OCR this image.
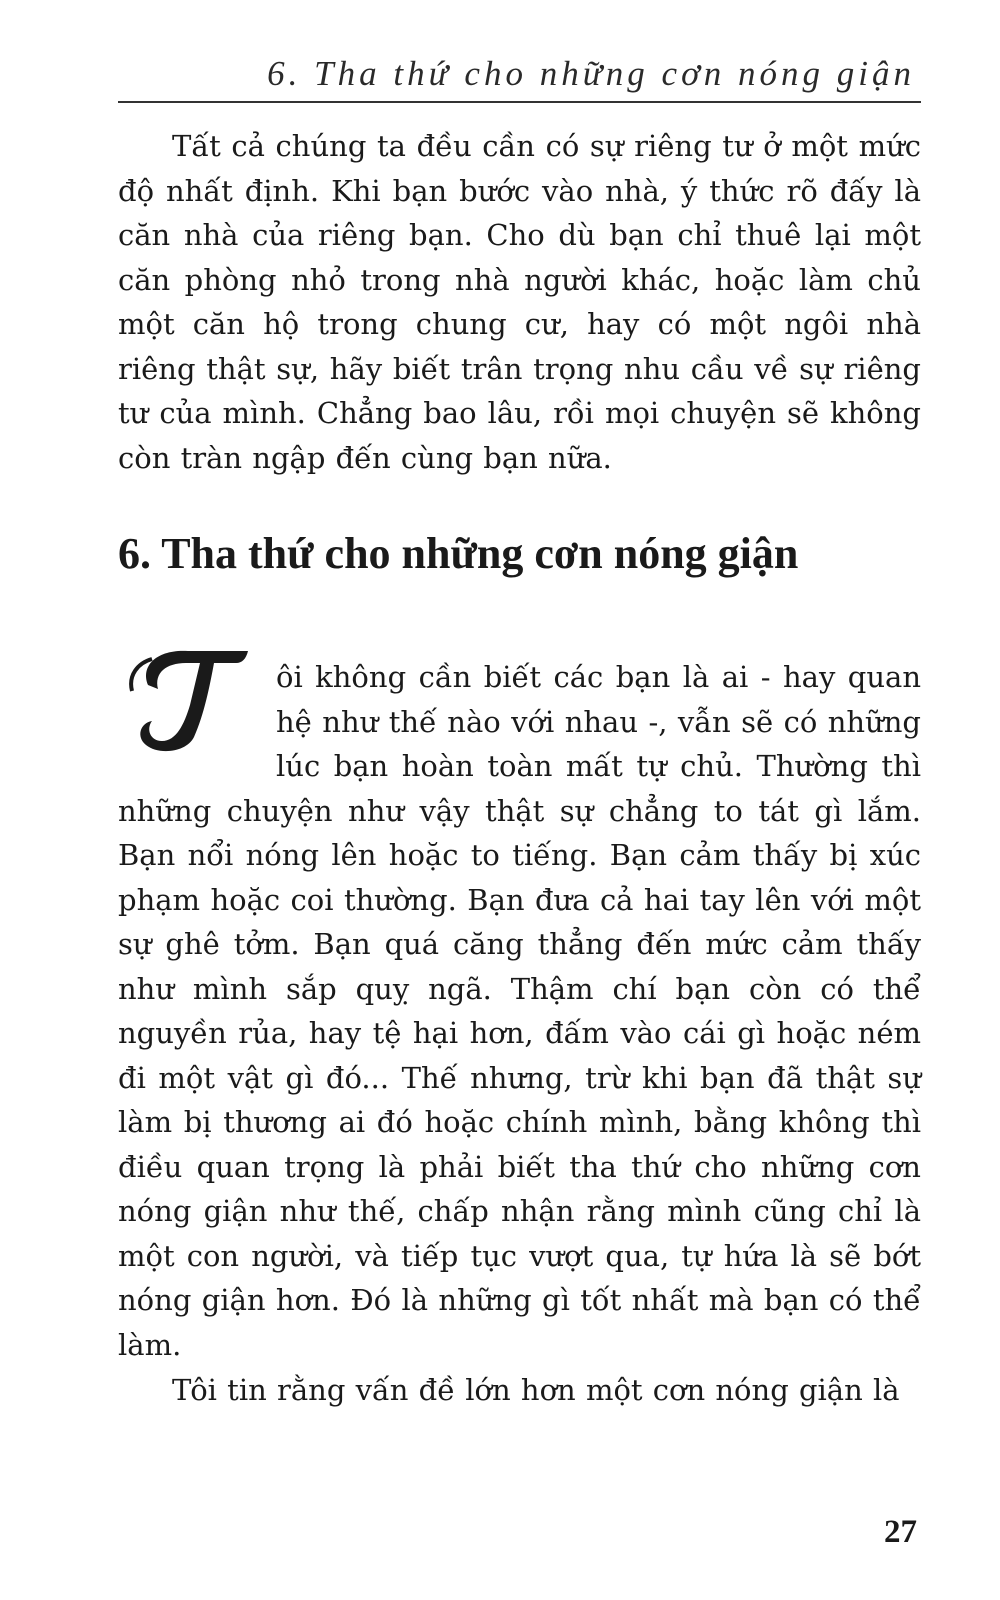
6. Tha thứ cho những cơn nóng giận

Tất cả chúng ta đều cần có sự riêng tư ở một mức độ nhất định. Khi bạn bước vào nhà, ý thức rõ đấy là căn nhà của riêng bạn. Cho dù bạn chỉ thuê lại một căn phòng nhỏ trong nhà người khác, hoặc làm chủ một căn hộ trong chung cư, hay có một ngôi nhà riêng thật sự, hãy biết trân trọng nhu cầu về sự riêng tư của mình. Chẳng bao lâu, rồi mọi chuyện sẽ không còn tràn ngập đến cùng bạn nữa.

6. Tha thứ cho những cơn nóng giận

ôi không cần biết các bạn là ai - hay quan hệ như thế nào với nhau -, vẫn sẽ có những lúc bạn hoàn toàn mất tự chủ. Thường thì những chuyện như vậy thật sự chẳng to tát gì lắm. Bạn nổi nóng lên hoặc to tiếng. Bạn cảm thấy bị xúc phạm hoặc coi thường. Bạn đưa cả hai tay lên với một sự ghê tởm. Bạn quá căng thẳng đến mức cảm thấy như mình sắp quỵ ngã. Thậm chí bạn còn có thể nguyền rủa, hay tệ hại hơn, đấm vào cái gì hoặc ném đi một vật gì đó... Thế nhưng, trừ khi bạn đã thật sự làm bị thương ai đó hoặc chính mình, bằng không thì điều quan trọng là phải biết tha thứ cho những cơn nóng giận như thế, chấp nhận rằng mình cũng chỉ là một con người, và tiếp tục vượt qua, tự hứa là sẽ bớt nóng giận hơn. Đó là những gì tốt nhất mà bạn có thể làm.

Tôi tin rằng vấn đề lớn hơn một cơn nóng giận là

27
